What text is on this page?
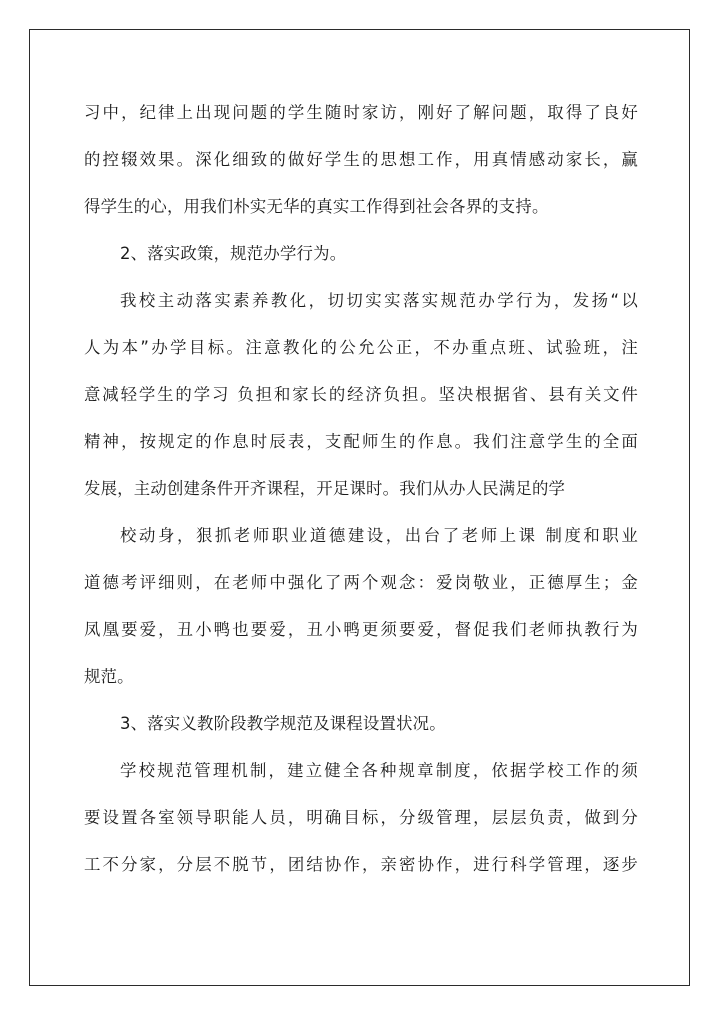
习中，纪律上出现问题的学生随时家访，刚好了解问题，取得了良好
的控辍效果。深化细致的做好学生的思想工作，用真情感动家长，赢
得学生的心，用我们朴实无华的真实工作得到社会各界的支持。
2、落实政策，规范办学行为。
我校主动落实素养教化，切切实实落实规范办学行为，发扬“以
人为本”办学目标。注意教化的公允公正，不办重点班、试验班，注
意减轻学生的学习 负担和家长的经济负担。坚决根据省、县有关文件
精神，按规定的作息时辰表，支配师生的作息。我们注意学生的全面
发展，主动创建条件开齐课程，开足课时。我们从办人民满足的学
校动身，狠抓老师职业道德建设，出台了老师上课 制度和职业
道德考评细则，在老师中强化了两个观念：爱岗敬业，正德厚生；金
凤凰要爱，丑小鸭也要爱，丑小鸭更须要爱，督促我们老师执教行为
规范。
3、落实义教阶段教学规范及课程设置状况。
学校规范管理机制，建立健全各种规章制度，依据学校工作的须
要设置各室领导职能人员，明确目标，分级管理，层层负责，做到分
工不分家，分层不脱节，团结协作，亲密协作，进行科学管理，逐步
